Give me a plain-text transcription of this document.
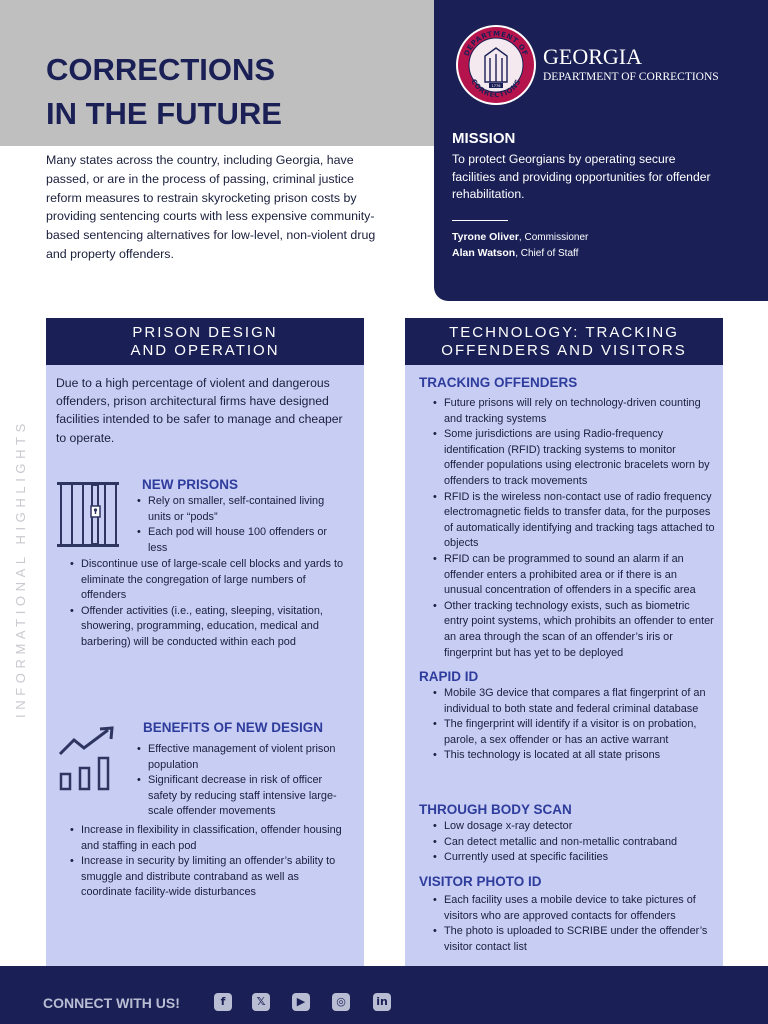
CORRECTIONS
IN THE FUTURE

Many states across the country, including Georgia, have passed, or are in the process of passing, criminal justice reform measures to restrain skyrocketing prison costs by providing sentencing courts with less expensive community-based sentencing alternatives for low-level, non-violent drug and property offenders.

DEPARTMENT OF
CORRECTIONS
1776
GEORGIA
DEPARTMENT OF CORRECTIONS
MISSION
To protect Georgians by operating secure facilities and providing opportunities for offender rehabilitation.
Tyrone Oliver, Commissioner
Alan Watson, Chief of Staff
INFORMATIONAL HIGHLIGHTS
PRISON DESIGN
AND OPERATION

Due to a high percentage of violent and dangerous offenders, prison architectural firms have designed facilities intended to be safer to manage and cheaper to operate.

NEW PRISONS
• Rely on smaller, self-contained living units or “pods”
• Each pod will house 100 offenders or less
• Discontinue use of large-scale cell blocks and yards to eliminate the congregation of large numbers of offenders
• Offender activities (i.e., eating, sleeping, visitation, showering, programming, education, medical and barbering) will be conducted within each pod
BENEFITS OF NEW DESIGN
• Effective management of violent prison population
• Significant decrease in risk of officer safety by reducing staff intensive large-scale offender movements
• Increase in flexibility in classification, offender housing and staffing in each pod
• Increase in security by limiting an offender’s ability to smuggle and distribute contraband as well as coordinate facility-wide disturbances
TECHNOLOGY: TRACKING
OFFENDERS AND VISITORS
TRACKING OFFENDERS
• Future prisons will rely on technology-driven counting and tracking systems
• Some jurisdictions are using Radio-frequency identification (RFID) tracking systems to monitor offender populations using electronic bracelets worn by offenders to track movements
• RFID is the wireless non-contact use of radio frequency electromagnetic fields to transfer data, for the purposes of automatically identifying and tracking tags attached to objects
• RFID can be programmed to sound an alarm if an offender enters a prohibited area or if there is an unusual concentration of offenders in a specific area
• Other tracking technology exists, such as biometric entry point systems, which prohibits an offender to enter an area through the scan of an offender’s iris or fingerprint but has yet to be deployed
RAPID ID
• Mobile 3G device that compares a flat fingerprint of an individual to both state and federal criminal database
• The fingerprint will identify if a visitor is on probation, parole, a sex offender or has an active warrant
• This technology is located at all state prisons
THROUGH BODY SCAN
• Low dosage x-ray detector
• Can detect metallic and non-metallic contraband
• Currently used at specific facilities
VISITOR PHOTO ID
• Each facility uses a mobile device to take pictures of visitors who are approved contacts for offenders
• The photo is uploaded to SCRIBE under the offender’s visitor contact list
CONNECT WITH US!	f	𝕏	▶	◎	in
